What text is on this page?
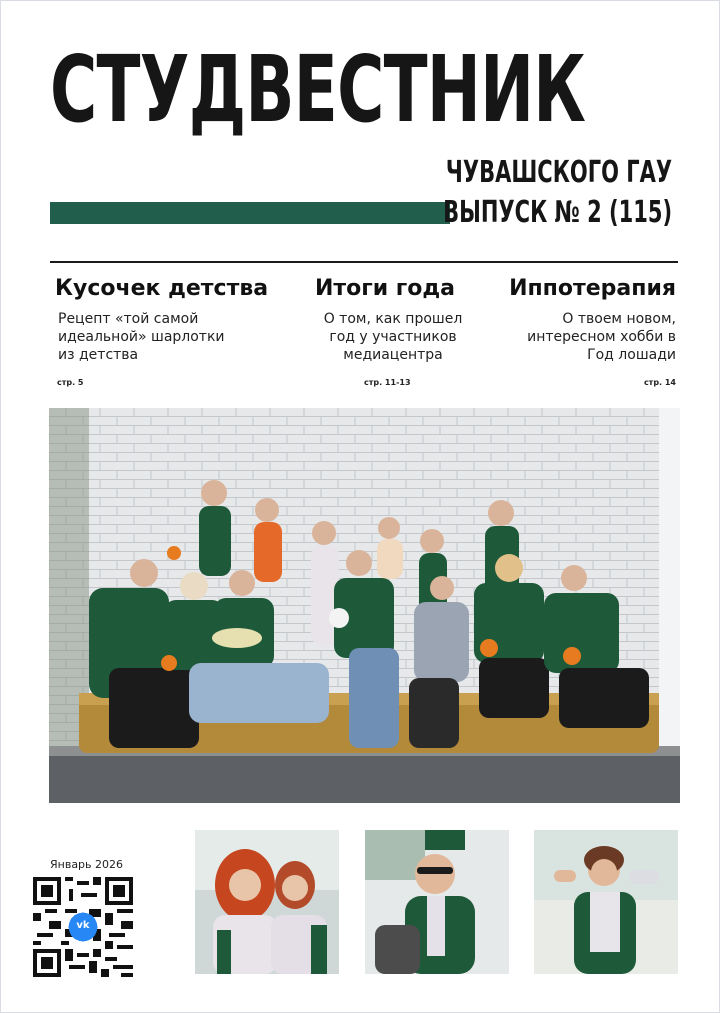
СТУДВЕСТНИК
ЧУВАШСКОГО ГАУ
ВЫПУСК № 2 (115)
Кусочек детства

Рецепт «той самой идеальной» шарлотки из детства

стр. 5
Итоги года

О том, как прошел год у участников медиацентра

стр. 11-13
Иппотерапия

О твоем новом, интересном хобби в Год лошади

стр. 14
Январь 2026
vk
